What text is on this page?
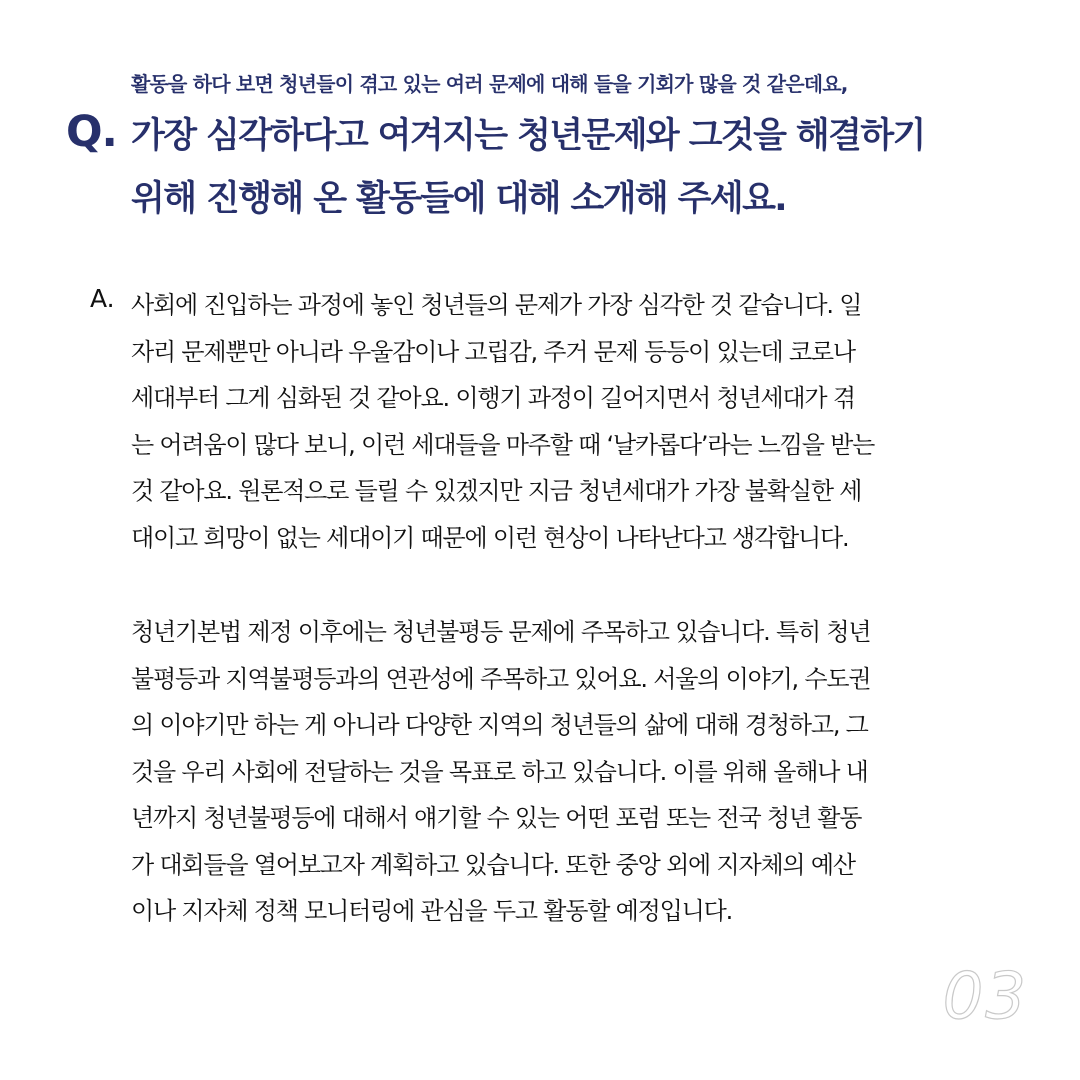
활동을 하다 보면 청년들이 겪고 있는 여러 문제에 대해 들을 기회가 많을 것 같은데요,
Q. 가장 심각하다고 여겨지는 청년문제와 그것을 해결하기
위해 진행해 온 활동들에 대해 소개해 주세요.
A. 사회에 진입하는 과정에 놓인 청년들의 문제가 가장 심각한 것 같습니다. 일
자리 문제뿐만 아니라 우울감이나 고립감, 주거 문제 등등이 있는데 코로나
세대부터 그게 심화된 것 같아요. 이행기 과정이 길어지면서 청년세대가 겪
는 어려움이 많다 보니, 이런 세대들을 마주할 때 ‘날카롭다’라는 느낌을 받는
것 같아요. 원론적으로 들릴 수 있겠지만 지금 청년세대가 가장 불확실한 세
대이고 희망이 없는 세대이기 때문에 이런 현상이 나타난다고 생각합니다.
청년기본법 제정 이후에는 청년불평등 문제에 주목하고 있습니다. 특히 청년
불평등과 지역불평등과의 연관성에 주목하고 있어요. 서울의 이야기, 수도권
의 이야기만 하는 게 아니라 다양한 지역의 청년들의 삶에 대해 경청하고, 그
것을 우리 사회에 전달하는 것을 목표로 하고 있습니다. 이를 위해 올해나 내
년까지 청년불평등에 대해서 얘기할 수 있는 어떤 포럼 또는 전국 청년 활동
가 대회들을 열어보고자 계획하고 있습니다. 또한 중앙 외에 지자체의 예산
이나 지자체 정책 모니터링에 관심을 두고 활동할 예정입니다.
03
